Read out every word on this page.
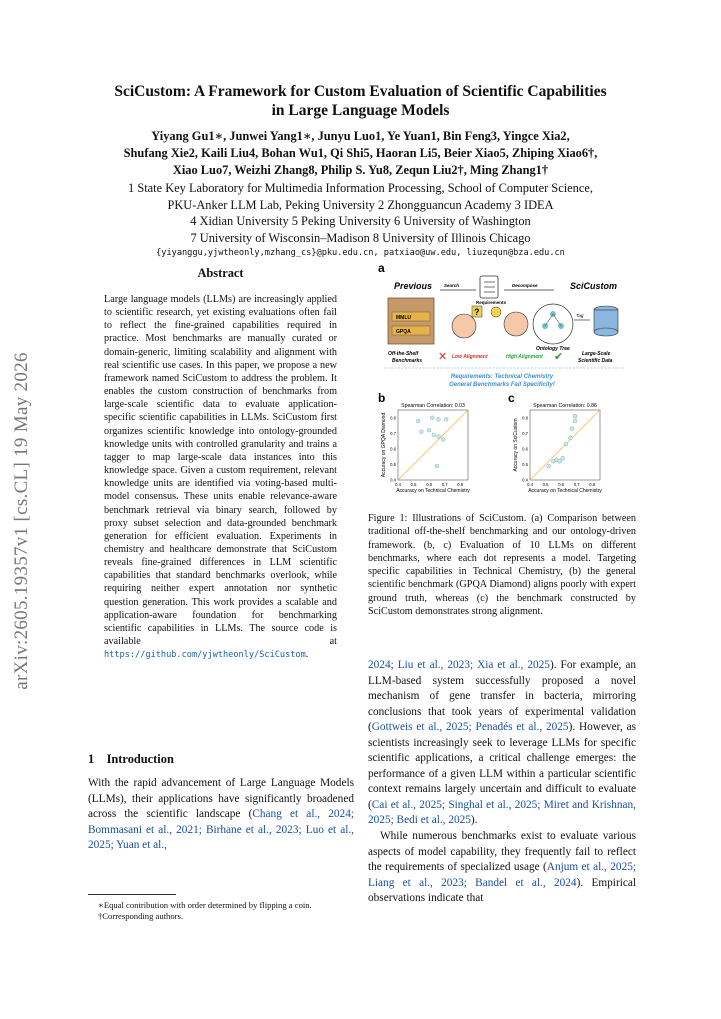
SciCustom: A Framework for Custom Evaluation of Scientific Capabilities
in Large Language Models
Yiyang Gu1∗, Junwei Yang1∗, Junyu Luo1, Ye Yuan1, Bin Feng3, Yingce Xia2,
Shufang Xie2, Kaili Liu4, Bohan Wu1, Qi Shi5, Haoran Li5, Beier Xiao5, Zhiping Xiao6†,
Xiao Luo7, Weizhi Zhang8, Philip S. Yu8, Zequn Liu2†, Ming Zhang1†
1 State Key Laboratory for Multimedia Information Processing, School of Computer Science,
PKU-Anker LLM Lab, Peking University 2 Zhongguancun Academy 3 IDEA
4 Xidian University 5 Peking University 6 University of Washington
7 University of Wisconsin–Madison 8 University of Illinois Chicago
{yiyanggu,yjwtheonly,mzhang_cs}@pku.edu.cn, patxiao@uw.edu, liuzequn@bza.edu.cn
arXiv:2605.19357v1 [cs.CL] 19 May 2026
Abstract
Large language models (LLMs) are increasingly applied to scientific research, yet existing evaluations often fail to reflect the fine-grained capabilities required in practice. Most benchmarks are manually curated or domain-generic, limiting scalability and alignment with real scientific use cases. In this paper, we propose a new framework named SciCustom to address the problem. It enables the custom construction of benchmarks from large-scale scientific data to evaluate application-specific scientific capabilities in LLMs. SciCustom first organizes scientific knowledge into ontology-grounded knowledge units with controlled granularity and trains a tagger to map large-scale data instances into this knowledge space. Given a custom requirement, relevant knowledge units are identified via voting-based multi-model consensus. These units enable relevance-aware benchmark retrieval via binary search, followed by proxy subset selection and data-grounded benchmark generation for efficient evaluation. Experiments in chemistry and healthcare demonstrate that SciCustom reveals fine-grained differences in LLM scientific capabilities that standard benchmarks overlook, while requiring neither expert annotation nor synthetic question generation. This work provides a scalable and application-aware foundation for benchmarking scientific capabilities in LLMs. The source code is available at https://github.com/yjwtheonly/SciCustom.
1 Introduction
With the rapid advancement of Large Language Models (LLMs), their applications have significantly broadened across the scientific landscape (Chang et al., 2024; Bommasani et al., 2021; Birhane et al., 2023; Luo et al., 2025; Yuan et al.,
∗Equal contribution with order determined by flipping a coin.
†Corresponding authors.
a
Previous	SciCustom
Search	Decompose
Requirements
MMLU
GPQA
?
Ontology Tree
Tag
Off-the-Shelf
Benchmarks ✕ Low Alignment	High Alignment ✔	Large-Scale
Scientific Data
Requirements: Technical Chemistry
General Benchmarks Fail Specificity!
b	c
Spearman Correlation: 0.03
0.4 0.5 0.6 0.7 0.8
0.4
0.5
0.6
0.7
0.8
Accuracy on Technical Chemistry
Accuracy on GPQA Diamond
Spearman Correlation: 0.86
0.4 0.5 0.6 0.7 0.8
0.4
0.5
0.6
0.7
0.8
Accuracy on Technical Chemistry
Accuracy on SciCustom
Figure 1: Illustrations of SciCustom. (a) Comparison between traditional off-the-shelf benchmarking and our ontology-driven framework. (b, c) Evaluation of 10 LLMs on different benchmarks, where each dot represents a model. Targeting specific capabilities in Technical Chemistry, (b) the general scientific benchmark (GPQA Diamond) aligns poorly with expert ground truth, whereas (c) the benchmark constructed by SciCustom demonstrates strong alignment.
2024; Liu et al., 2023; Xia et al., 2025). For example, an LLM-based system successfully proposed a novel mechanism of gene transfer in bacteria, mirroring conclusions that took years of experimental validation (Gottweis et al., 2025; Penadés et al., 2025). However, as scientists increasingly seek to leverage LLMs for specific scientific applications, a critical challenge emerges: the performance of a given LLM within a particular scientific context remains largely uncertain and difficult to evaluate (Cai et al., 2025; Singhal et al., 2025; Miret and Krishnan, 2025; Bedi et al., 2025).
While numerous benchmarks exist to evaluate various aspects of model capability, they frequently fail to reflect the requirements of specialized usage (Anjum et al., 2025; Liang et al., 2023; Bandel et al., 2024). Empirical observations indicate that
